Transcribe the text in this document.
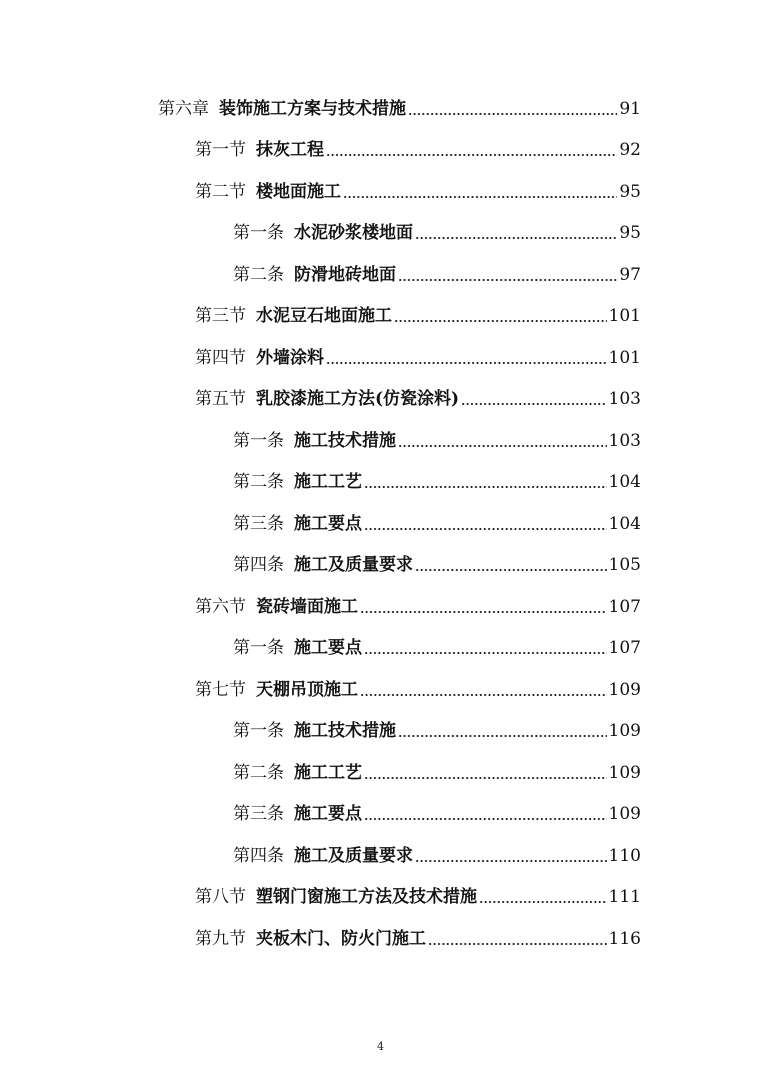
第六章 装饰施工方案与技术措施	91
第一节 抹灰工程	92
第二节 楼地面施工	95
第一条 水泥砂浆楼地面	95
第二条 防滑地砖地面	97
第三节 水泥豆石地面施工	101
第四节 外墙涂料	101
第五节 乳胶漆施工方法(仿瓷涂料)	103
第一条 施工技术措施	103
第二条 施工工艺	104
第三条 施工要点	104
第四条 施工及质量要求	105
第六节 瓷砖墙面施工	107
第一条 施工要点	107
第七节 天棚吊顶施工	109
第一条 施工技术措施	109
第二条 施工工艺	109
第三条 施工要点	109
第四条 施工及质量要求	110
第八节 塑钢门窗施工方法及技术措施	111
第九节 夹板木门、防火门施工	116
4
